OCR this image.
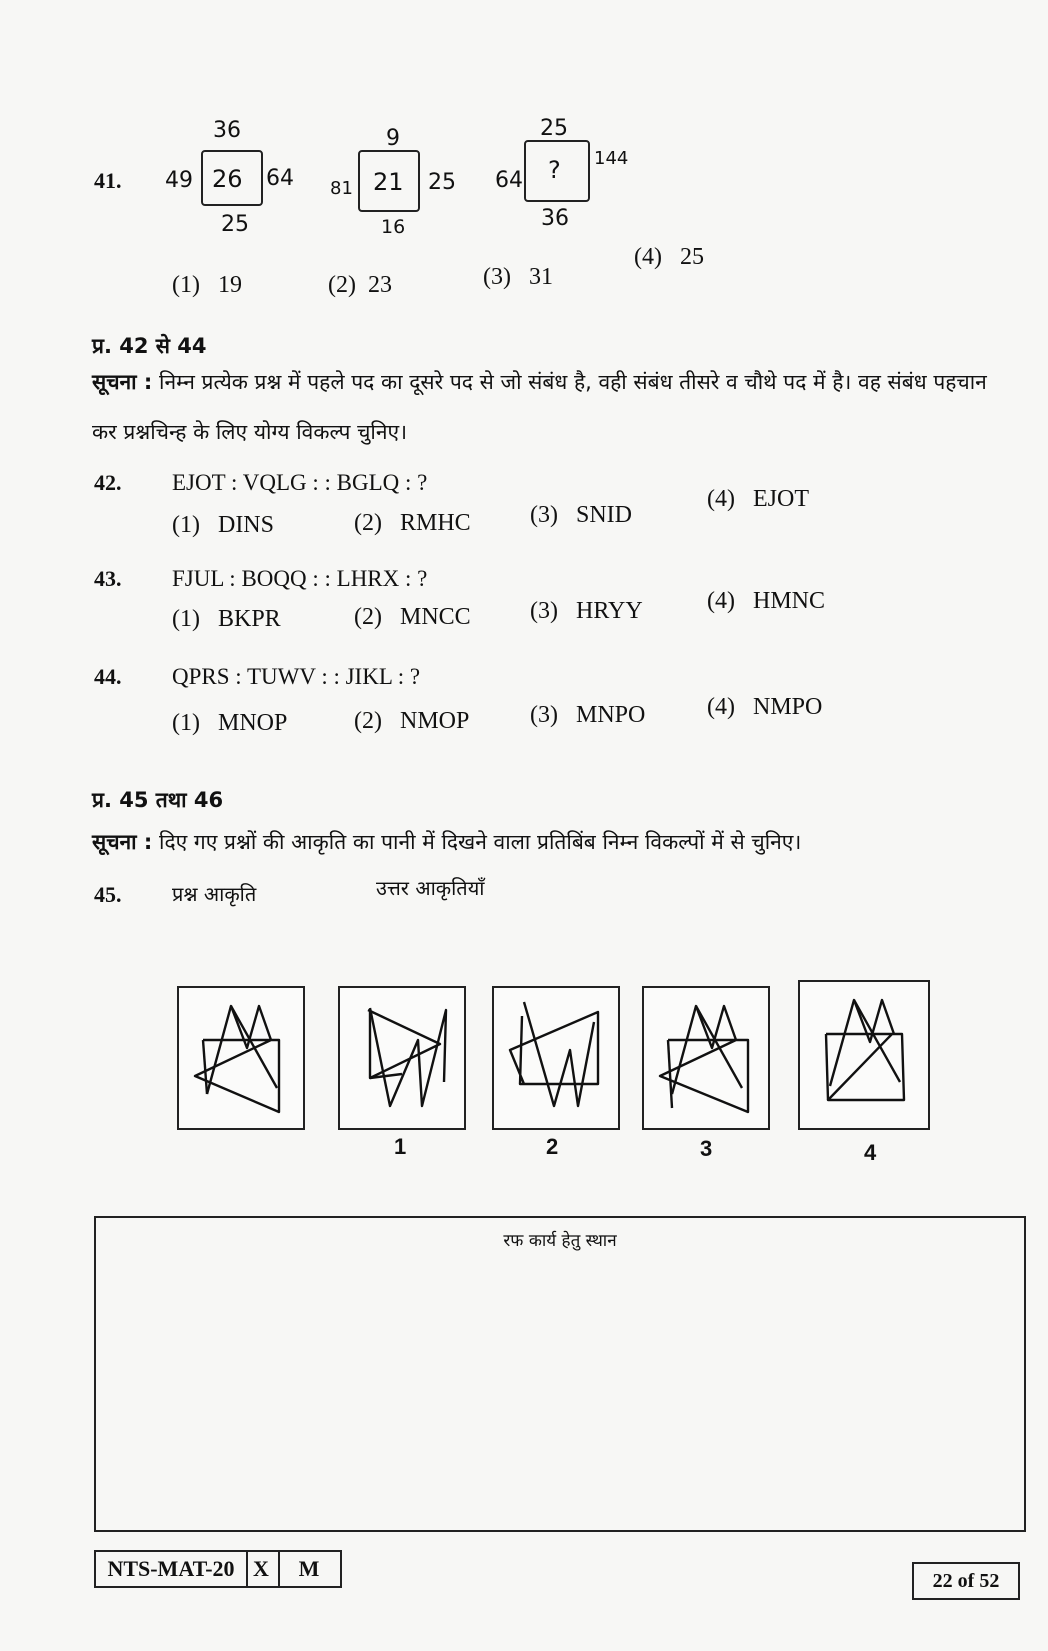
41.
36
49 26 64
25
9
81 21 25
16
25
64 ? 144
36
(1) 19	(2) 23	(3) 31
(4) 25
प्र. 42 से 44
सूचना : निम्न प्रत्येक प्रश्न में पहले पद का दूसरे पद से जो संबंध है, वही संबंध तीसरे व चौथे पद में है। वह संबंध पहचान
कर प्रश्नचिन्ह के लिए योग्य विकल्प चुनिए।
42. EJOT : VQLG : : BGLQ : ?
(1) DINS	(2) RMHC (3) SNID
(4) EJOT
43. FJUL : BOQQ : : LHRX : ?
(1) BKPR	(2) MNCC (3) HRYY	(4) HMNC
44. QPRS : TUWV : : JIKL : ?
(1) MNOP	(2) NMOP	(3) MNPO	(4) NMPO
प्र. 45 तथा 46
सूचना : दिए गए प्रश्नों की आकृति का पानी में दिखने वाला प्रतिबिंब निम्न विकल्पों में से चुनिए।
45.	प्रश्न आकृति	उत्तर आकृतियाँ
1	2	3	4
रफ कार्य हेतु स्थान
NTS-MAT-20 X	M	22 of 52
